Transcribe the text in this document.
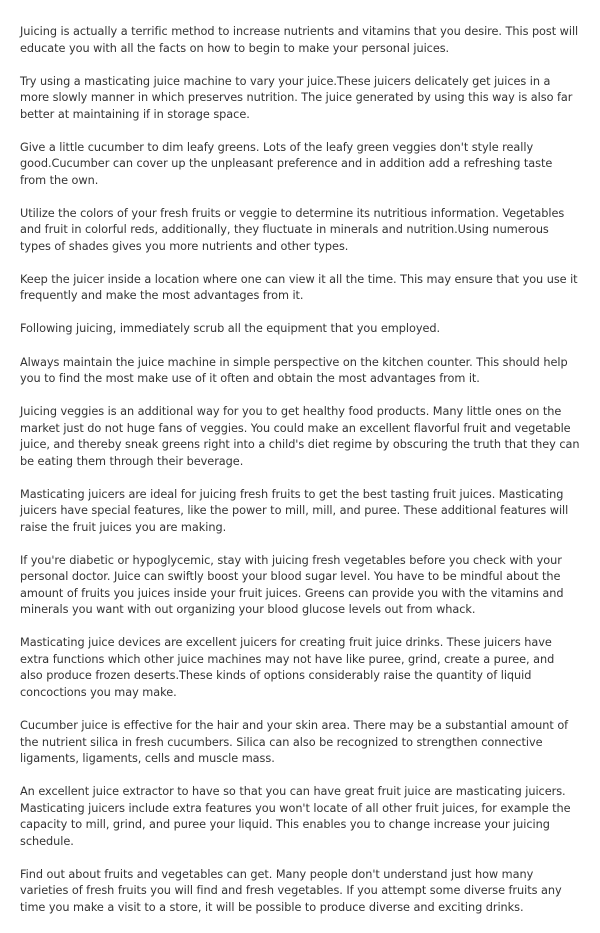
Juicing is actually a terrific method to increase nutrients and vitamins that you desire. This post will educate you with all the facts on how to begin to make your personal juices.

Try using a masticating juice machine to vary your juice.These juicers delicately get juices in a more slowly manner in which preserves nutrition. The juice generated by using this way is also far better at maintaining if in storage space.

Give a little cucumber to dim leafy greens. Lots of the leafy green veggies don't style really good.Cucumber can cover up the unpleasant preference and in addition add a refreshing taste from the own.

Utilize the colors of your fresh fruits or veggie to determine its nutritious information. Vegetables and fruit in colorful reds, additionally, they fluctuate in minerals and nutrition.Using numerous types of shades gives you more nutrients and other types.

Keep the juicer inside a location where one can view it all the time. This may ensure that you use it frequently and make the most advantages from it.

Following juicing, immediately scrub all the equipment that you employed.

Always maintain the juice machine in simple perspective on the kitchen counter. This should help you to find the most make use of it often and obtain the most advantages from it.

Juicing veggies is an additional way for you to get healthy food products. Many little ones on the market just do not huge fans of veggies. You could make an excellent flavorful fruit and vegetable juice, and thereby sneak greens right into a child's diet regime by obscuring the truth that they can be eating them through their beverage.

Masticating juicers are ideal for juicing fresh fruits to get the best tasting fruit juices. Masticating juicers have special features, like the power to mill, mill, and puree. These additional features will raise the fruit juices you are making.

If you're diabetic or hypoglycemic, stay with juicing fresh vegetables before you check with your personal doctor. Juice can swiftly boost your blood sugar level. You have to be mindful about the amount of fruits you juices inside your fruit juices. Greens can provide you with the vitamins and minerals you want with out organizing your blood glucose levels out from whack.

Masticating juice devices are excellent juicers for creating fruit juice drinks. These juicers have extra functions which other juice machines may not have like puree, grind, create a puree, and also produce frozen deserts.These kinds of options considerably raise the quantity of liquid concoctions you may make.

Cucumber juice is effective for the hair and your skin area. There may be a substantial amount of the nutrient silica in fresh cucumbers. Silica can also be recognized to strengthen connective ligaments, ligaments, cells and muscle mass.

An excellent juice extractor to have so that you can have great fruit juice are masticating juicers. Masticating juicers include extra features you won't locate of all other fruit juices, for example the capacity to mill, grind, and puree your liquid. This enables you to change increase your juicing schedule.

Find out about fruits and vegetables can get. Many people don't understand just how many varieties of fresh fruits you will find and fresh vegetables. If you attempt some diverse fruits any time you make a visit to a store, it will be possible to produce diverse and exciting drinks.
